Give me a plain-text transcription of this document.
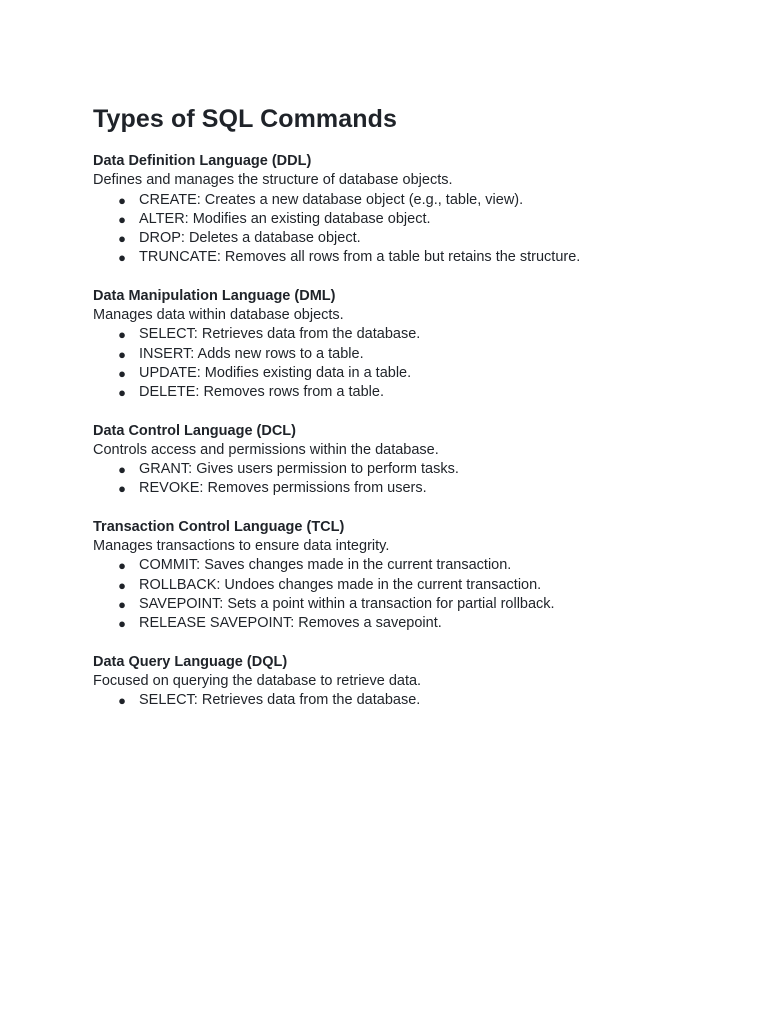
Types of SQL Commands
Data Definition Language (DDL)
Defines and manages the structure of database objects.
● CREATE: Creates a new database object (e.g., table, view).
● ALTER: Modifies an existing database object.
● DROP: Deletes a database object.
● TRUNCATE: Removes all rows from a table but retains the structure.
Data Manipulation Language (DML)
Manages data within database objects.
● SELECT: Retrieves data from the database.
● INSERT: Adds new rows to a table.
● UPDATE: Modifies existing data in a table.
● DELETE: Removes rows from a table.
Data Control Language (DCL)
Controls access and permissions within the database.
● GRANT: Gives users permission to perform tasks.
● REVOKE: Removes permissions from users.
Transaction Control Language (TCL)
Manages transactions to ensure data integrity.
● COMMIT: Saves changes made in the current transaction.
● ROLLBACK: Undoes changes made in the current transaction.
● SAVEPOINT: Sets a point within a transaction for partial rollback.
● RELEASE SAVEPOINT: Removes a savepoint.
Data Query Language (DQL)
Focused on querying the database to retrieve data.
● SELECT: Retrieves data from the database.
